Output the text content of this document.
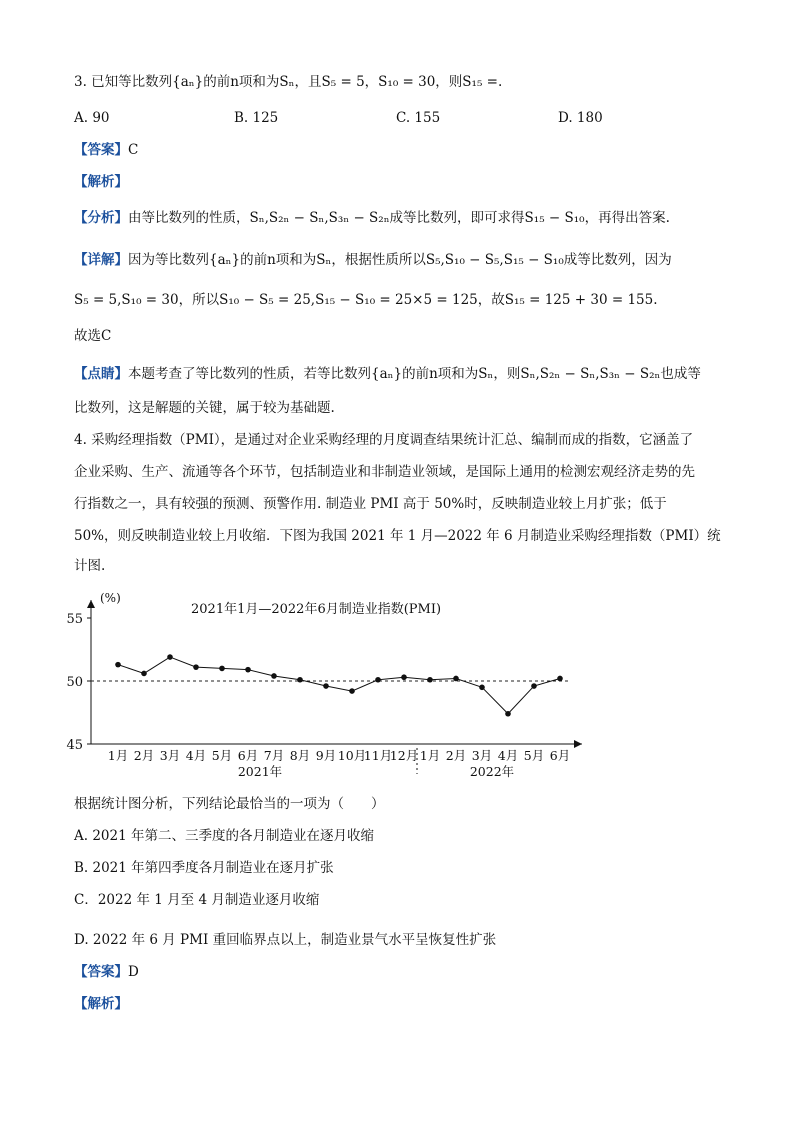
3. 已知等比数列{aₙ}的前n项和为Sₙ，且S₅ = 5，S₁₀ = 30，则S₁₅ =.
A. 90	B. 125	C. 155	D. 180
【答案】C
【解析】
【分析】由等比数列的性质，Sₙ,S₂ₙ − Sₙ,S₃ₙ − S₂ₙ成等比数列，即可求得S₁₅ − S₁₀，再得出答案.
【详解】因为等比数列{aₙ}的前n项和为Sₙ，根据性质所以S₅,S₁₀ − S₅,S₁₅ − S₁₀成等比数列，因为
S₅ = 5,S₁₀ = 30，所以S₁₀ − S₅ = 25,S₁₅ − S₁₀ = 25×5 = 125，故S₁₅ = 125 + 30 = 155.
故选C
【点睛】本题考查了等比数列的性质，若等比数列{aₙ}的前n项和为Sₙ，则Sₙ,S₂ₙ − Sₙ,S₃ₙ − S₂ₙ也成等
比数列，这是解题的关键，属于较为基础题.
4. 采购经理指数（PMI），是通过对企业采购经理的月度调查结果统计汇总、编制而成的指数，它涵盖了
企业采购、生产、流通等各个环节，包括制造业和非制造业领域，是国际上通用的检测宏观经济走势的先
行指数之一，具有较强的预测、预警作用. 制造业 PMI 高于 50%时，反映制造业较上月扩张；低于
50%，则反映制造业较上月收缩．下图为我国 2021 年 1 月—2022 年 6 月制造业采购经理指数（PMI）统
计图.
(%)
45
50
55
2021年1月—2022年6月制造业指数(PMI)
1月 2月 3月 4月 5月 6月 7月 8月 9月 10月
11月
12月 1月 2月 3月 4月 5月 6月
2021年	2022年
根据统计图分析，下列结论最恰当的一项为（　　）
A. 2021 年第二、三季度的各月制造业在逐月收缩
B. 2021 年第四季度各月制造业在逐月扩张
C．2022 年 1 月至 4 月制造业逐月收缩
D. 2022 年 6 月 PMI 重回临界点以上，制造业景气水平呈恢复性扩张
【答案】D
【解析】
